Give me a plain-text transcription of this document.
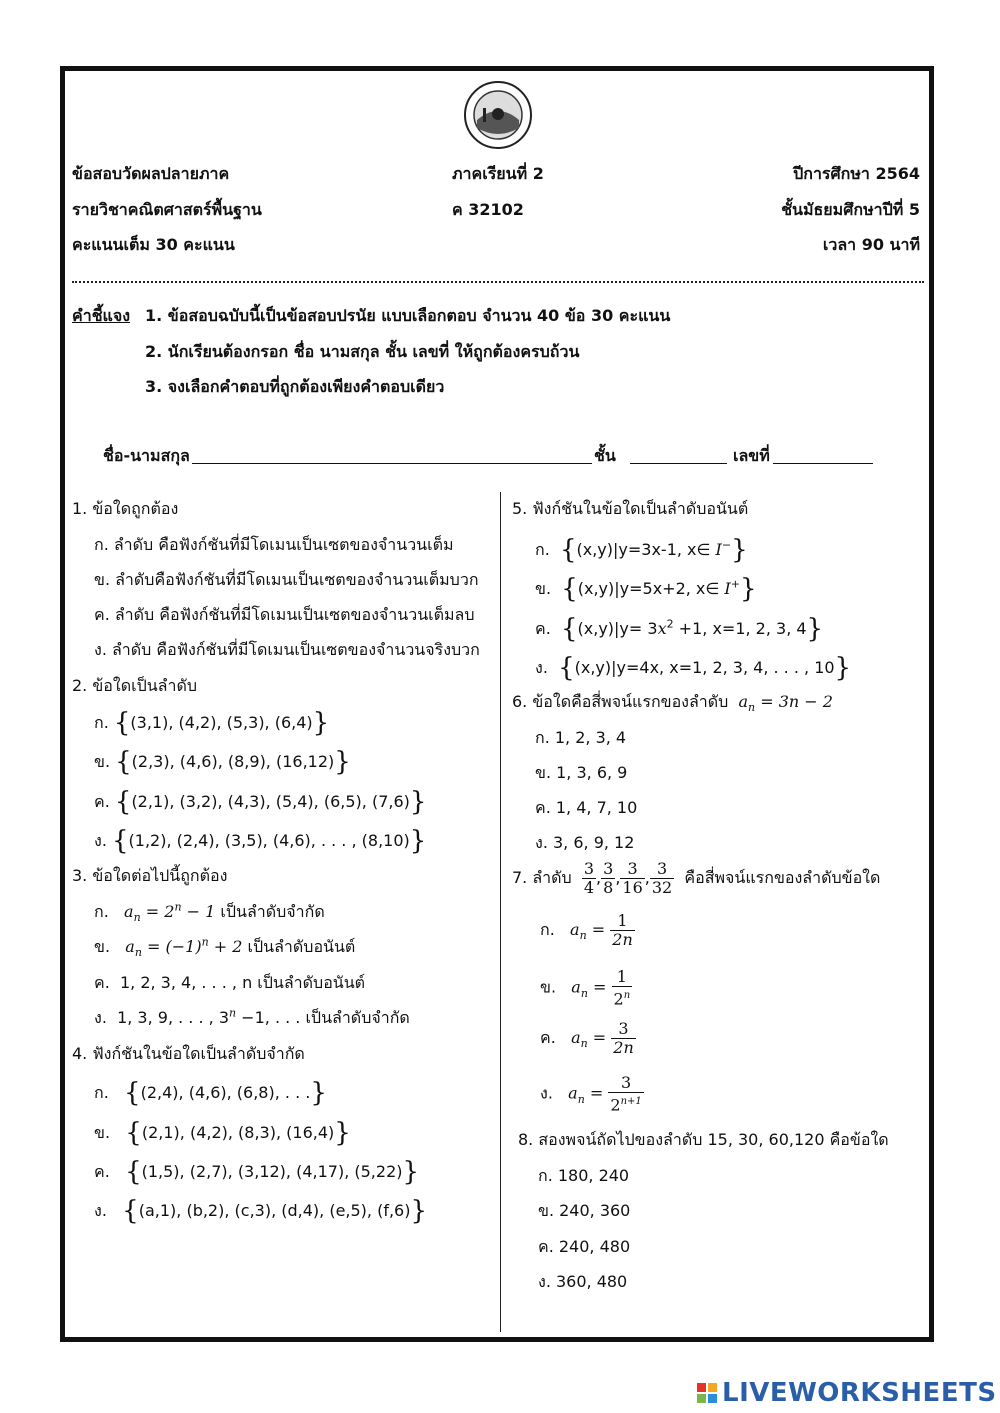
ข้อสอบวัดผลปลายภาค	ภาคเรียนที่ 2	ปีการศึกษา 2564
รายวิชาคณิตศาสตร์พื้นฐาน	ค 32102	ชั้นมัธยมศึกษาปีที่ 5
คะแนนเต็ม 30 คะแนน	เวลา 90 นาที
คำชี้แจง 1. ข้อสอบฉบับนี้เป็นข้อสอบปรนัย แบบเลือกตอบ จำนวน 40 ข้อ 30 คะแนน
2. นักเรียนต้องกรอก ชื่อ นามสกุล ชั้น เลขที่ ให้ถูกต้องครบถ้วน
3. จงเลือกคำตอบที่ถูกต้องเพียงคำตอบเดียว
ชื่อ-นามสกุล	ชั้น	เลขที่
1. ข้อใดถูกต้อง
ก. ลำดับ คือฟังก์ชันที่มีโดเมนเป็นเซตของจำนวนเต็ม
ข. ลำดับคือฟังก์ชันที่มีโดเมนเป็นเซตของจำนวนเต็มบวก
ค. ลำดับ คือฟังก์ชันที่มีโดเมนเป็นเซตของจำนวนเต็มลบ
ง. ลำดับ คือฟังก์ชันที่มีโดเมนเป็นเซตของจำนวนจริงบวก
2. ข้อใดเป็นลำดับ
ก. {(3,1), (4,2), (5,3), (6,4)}
ข. {(2,3), (4,6), (8,9), (16,12)}
ค. {(2,1), (3,2), (4,3), (5,4), (6,5), (7,6)}
ง. {(1,2), (2,4), (3,5), (4,6), . . . , (8,10)}
3. ข้อใดต่อไปนี้ถูกต้อง
ก. $a_n = 2^n - 1$ เป็นลำดับจำกัด
ข. $a_n = (-1)^n + 2$ เป็นลำดับอนันต์
ค. 1, 2, 3, 4, . . . , n เป็นลำดับอนันต์
ง. 1, 3, 9, . . . , $3^n -1$, . . . เป็นลำดับจำกัด
4. ฟังก์ชันในข้อใดเป็นลำดับจำกัด
ก. {(2,4), (4,6), (6,8), . . .}
ข. {(2,1), (4,2), (8,3), (16,4)}
ค. {(1,5), (2,7), (3,12), (4,17), (5,22)}
ง. {(a,1), (b,2), (c,3), (d,4), (e,5), (f,6)}
5. ฟังก์ชันในข้อใดเป็นลำดับอนันต์
ก. {(x,y)|y=3x-1, x∈ I−}
ข. {(x,y)|y=5x+2, x∈ I+}
ค. {$(x,y)|y= 3x^2 +1$, x=1, 2, 3, 4}
ง. {(x,y)|y=4x, x=1, 2, 3, 4, . . . , 10}
6. ข้อใดคือสี่พจน์แรกของลำดับ $a_n = 3n - 2$
ก. 1, 2, 3, 4
ข. 1, 3, 6, 9
ค. 1, 4, 7, 10
ง. 3, 6, 9, 12
7. ลำดับ $\frac{3}{4}$ , $\frac{3}{8}$ , $\frac{3}{16}$ , $\frac{3}{32}$ คือสี่พจน์แรกของลำดับข้อใด
ก. $a_n = \frac{1}{2n}$
ข. $a_n = \frac{1}{2^n}$
ค. $a_n = \frac{3}{2n}$
ง. $a_n = \frac{3}{2^{n+1}}$
8. สองพจน์ถัดไปของลำดับ 15, 30, 60,120 คือข้อใด
ก. 180, 240
ข. 240, 360
ค. 240, 480
ง. 360, 480
LIVEWORKSHEETS
